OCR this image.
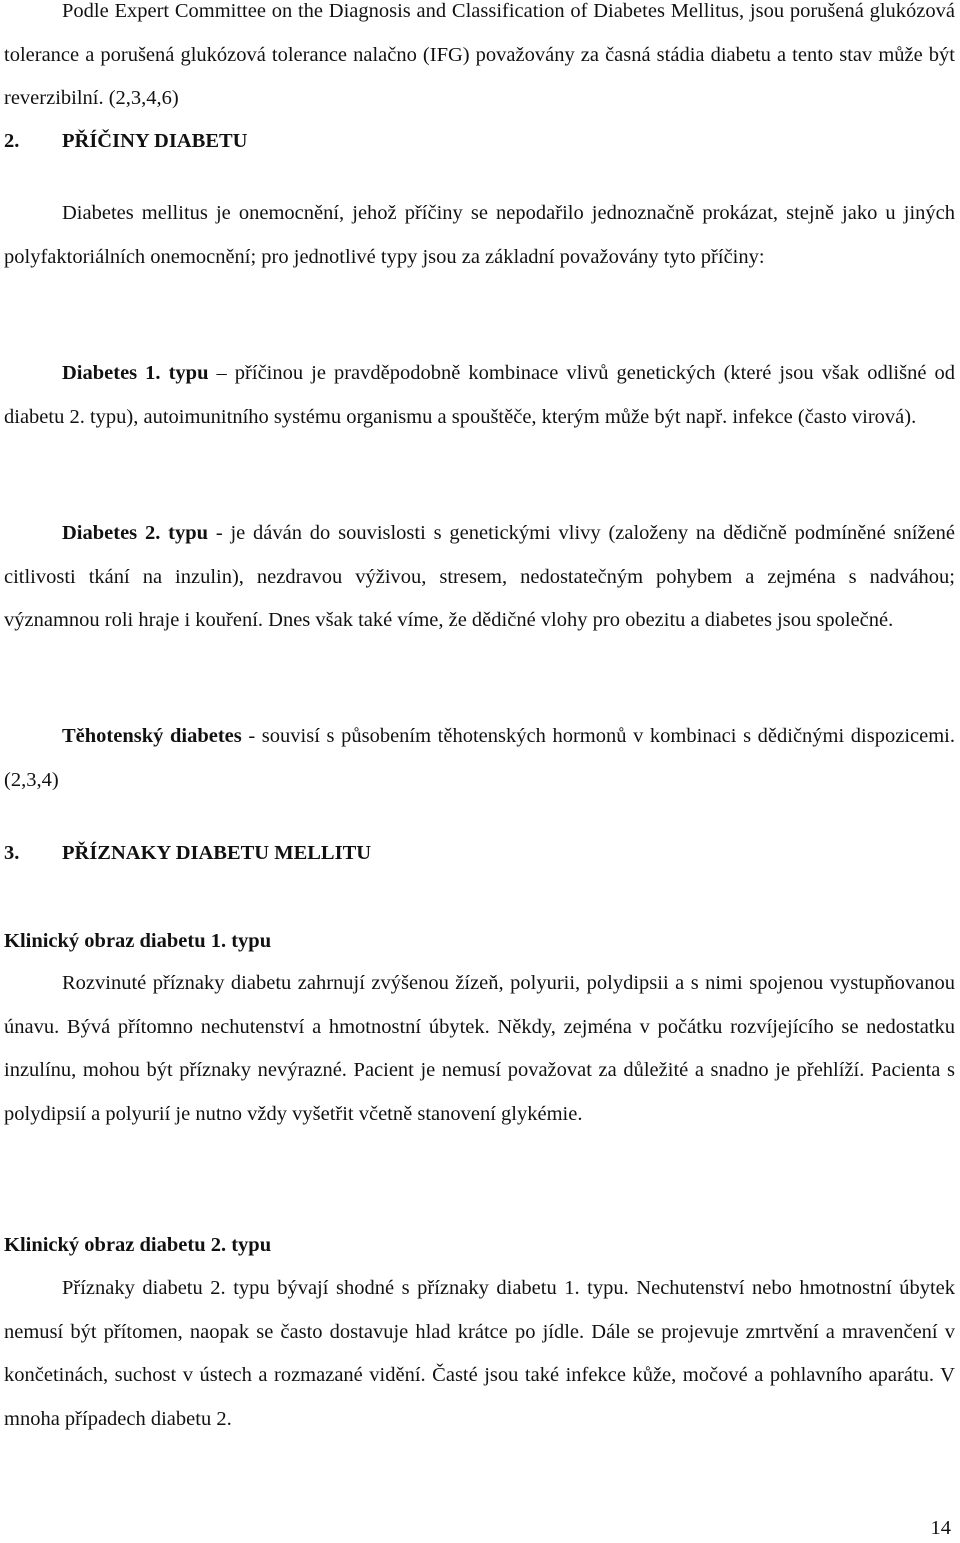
Podle Expert Committee on the Diagnosis and Classification of Diabetes Mellitus, jsou porušená glukózová tolerance a porušená glukózová tolerance nalačno (IFG) považovány za časná stádia diabetu a tento stav může být reverzibilní. (2,3,4,6)

2. PŘÍČINY DIABETU

Diabetes mellitus je onemocnění, jehož příčiny se nepodařilo jednoznačně prokázat, stejně jako u jiných polyfaktoriálních onemocnění; pro jednotlivé typy jsou za základní považovány tyto příčiny:

Diabetes 1. typu – příčinou je pravděpodobně kombinace vlivů genetických (které jsou však odlišné od diabetu 2. typu), autoimunitního systému organismu a spouštěče, kterým může být např. infekce (často virová).

Diabetes 2. typu - je dáván do souvislosti s genetickými vlivy (založeny na dědičně podmíněné snížené citlivosti tkání na inzulin), nezdravou výživou, stresem, nedostatečným pohybem a zejména s nadváhou; významnou roli hraje i kouření. Dnes však také víme, že dědičné vlohy pro obezitu a diabetes jsou společné.

Těhotenský diabetes - souvisí s působením těhotenských hormonů v kombinaci s dědičnými dispozicemi. (2,3,4)

3. PŘÍZNAKY DIABETU MELLITU
Klinický obraz diabetu 1. typu

Rozvinuté příznaky diabetu zahrnují zvýšenou žízeň, polyurii, polydipsii a s nimi spojenou vystupňovanou únavu. Bývá přítomno nechutenství a hmotnostní úbytek. Někdy, zejména v počátku rozvíjejícího se nedostatku inzulínu, mohou být příznaky nevýrazné. Pacient je nemusí považovat za důležité a snadno je přehlíží. Pacienta s polydipsií a polyurií je nutno vždy vyšetřit včetně stanovení glykémie.

Klinický obraz diabetu 2. typu

Příznaky diabetu 2. typu bývají shodné s příznaky diabetu 1. typu. Nechutenství nebo hmotnostní úbytek nemusí být přítomen, naopak se často dostavuje hlad krátce po jídle. Dále se projevuje zmrtvění a mravenčení v končetinách, suchost v ústech a rozmazané vidění. Časté jsou také infekce kůže, močové a pohlavního aparátu. V mnoha případech diabetu 2.

14
